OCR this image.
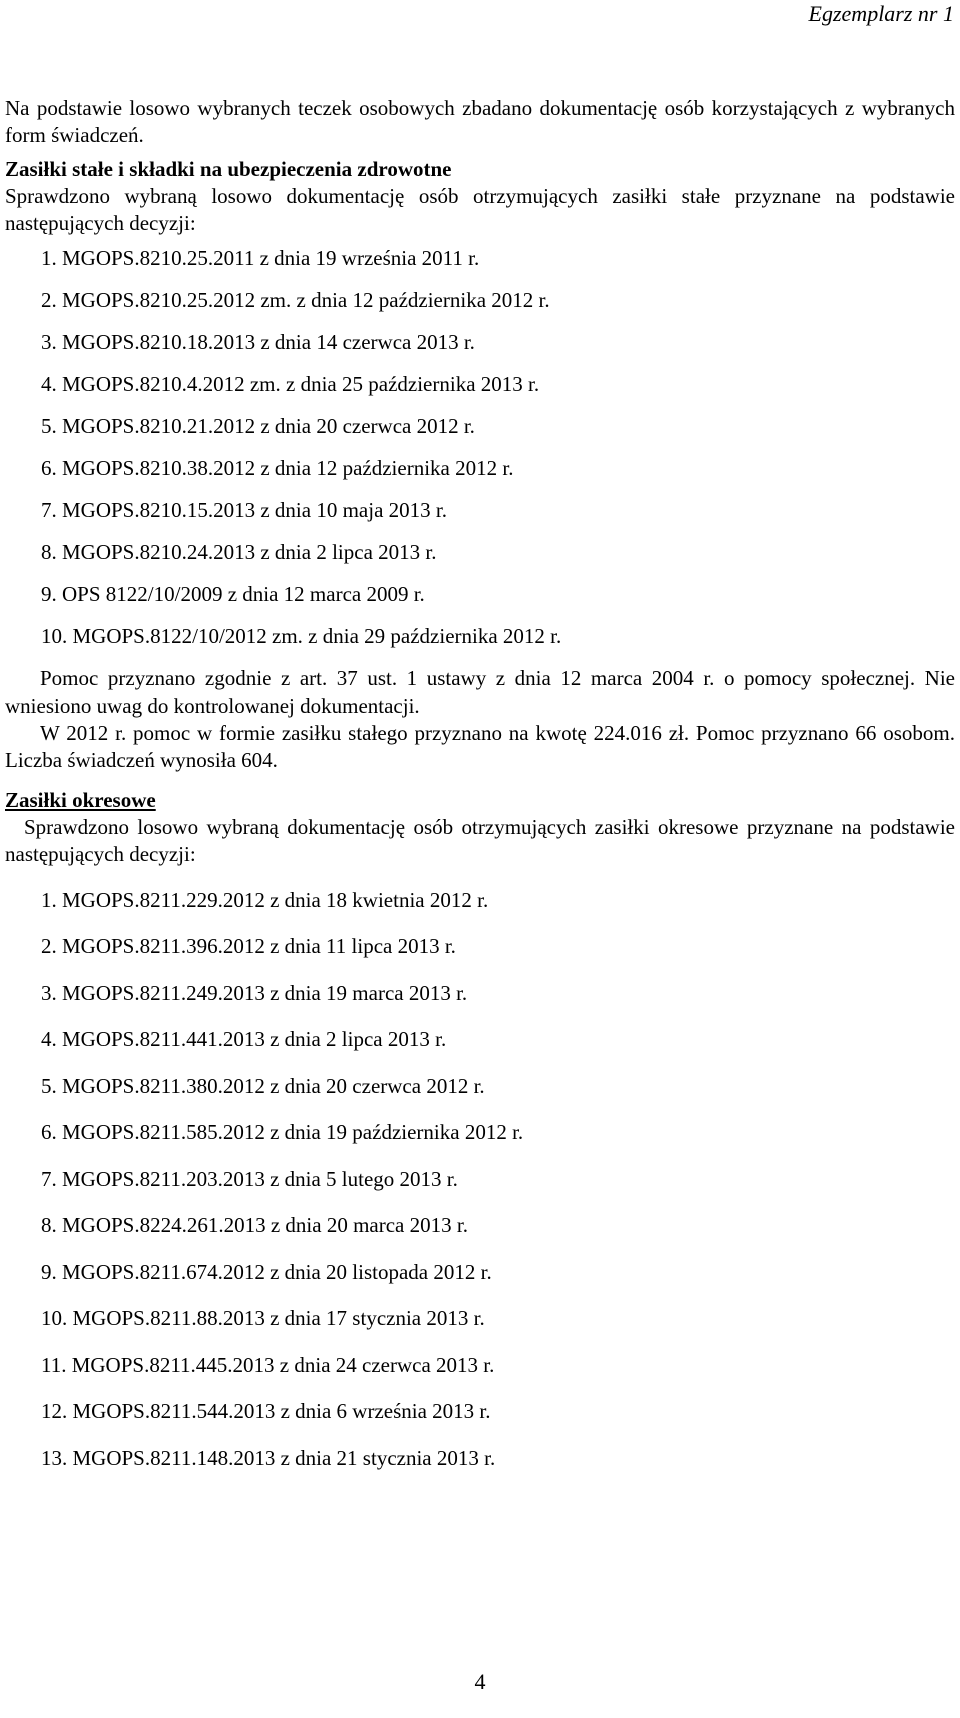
Egzemplarz nr 1

Na podstawie losowo wybranych teczek osobowych zbadano dokumentację osób korzystających z wybranych form świadczeń.

Zasiłki stałe i składki na ubezpieczenia zdrowotne

Sprawdzono wybraną losowo dokumentację osób otrzymujących zasiłki stałe przyznane na podstawie następujących decyzji:

1. MGOPS.8210.25.2011 z dnia 19 września 2011 r.
2. MGOPS.8210.25.2012 zm. z dnia 12 października 2012 r.
3. MGOPS.8210.18.2013 z dnia 14 czerwca 2013 r.
4. MGOPS.8210.4.2012 zm. z dnia 25 października 2013 r.
5. MGOPS.8210.21.2012 z dnia 20 czerwca 2012 r.
6. MGOPS.8210.38.2012 z dnia 12 października 2012 r.
7. MGOPS.8210.15.2013 z dnia 10 maja 2013 r.
8. MGOPS.8210.24.2013 z dnia 2 lipca 2013 r.
9. OPS 8122/10/2009 z dnia 12 marca 2009 r.
10. MGOPS.8122/10/2012 zm. z dnia 29 października 2012 r.

Pomoc przyznano zgodnie z art. 37 ust. 1 ustawy z dnia 12 marca 2004 r. o pomocy społecznej. Nie wniesiono uwag do kontrolowanej dokumentacji.

W 2012 r. pomoc w formie zasiłku stałego przyznano na kwotę 224.016 zł. Pomoc przyznano 66 osobom. Liczba świadczeń wynosiła 604.

Zasiłki okresowe

Sprawdzono losowo wybraną dokumentację osób otrzymujących zasiłki okresowe przyznane na podstawie następujących decyzji:

1. MGOPS.8211.229.2012 z dnia 18 kwietnia 2012 r.
2. MGOPS.8211.396.2012 z dnia 11 lipca 2013 r.
3. MGOPS.8211.249.2013 z dnia 19 marca 2013 r.
4. MGOPS.8211.441.2013 z dnia 2 lipca 2013 r.
5. MGOPS.8211.380.2012 z dnia 20 czerwca 2012 r.
6. MGOPS.8211.585.2012 z dnia 19 października 2012 r.
7. MGOPS.8211.203.2013 z dnia 5 lutego 2013 r.
8. MGOPS.8224.261.2013 z dnia 20 marca 2013 r.
9. MGOPS.8211.674.2012 z dnia 20 listopada 2012 r.
10. MGOPS.8211.88.2013 z dnia 17 stycznia 2013 r.
11. MGOPS.8211.445.2013 z dnia 24 czerwca 2013 r.
12. MGOPS.8211.544.2013 z dnia 6 września 2013 r.
13. MGOPS.8211.148.2013 z dnia 21 stycznia 2013 r.
4
